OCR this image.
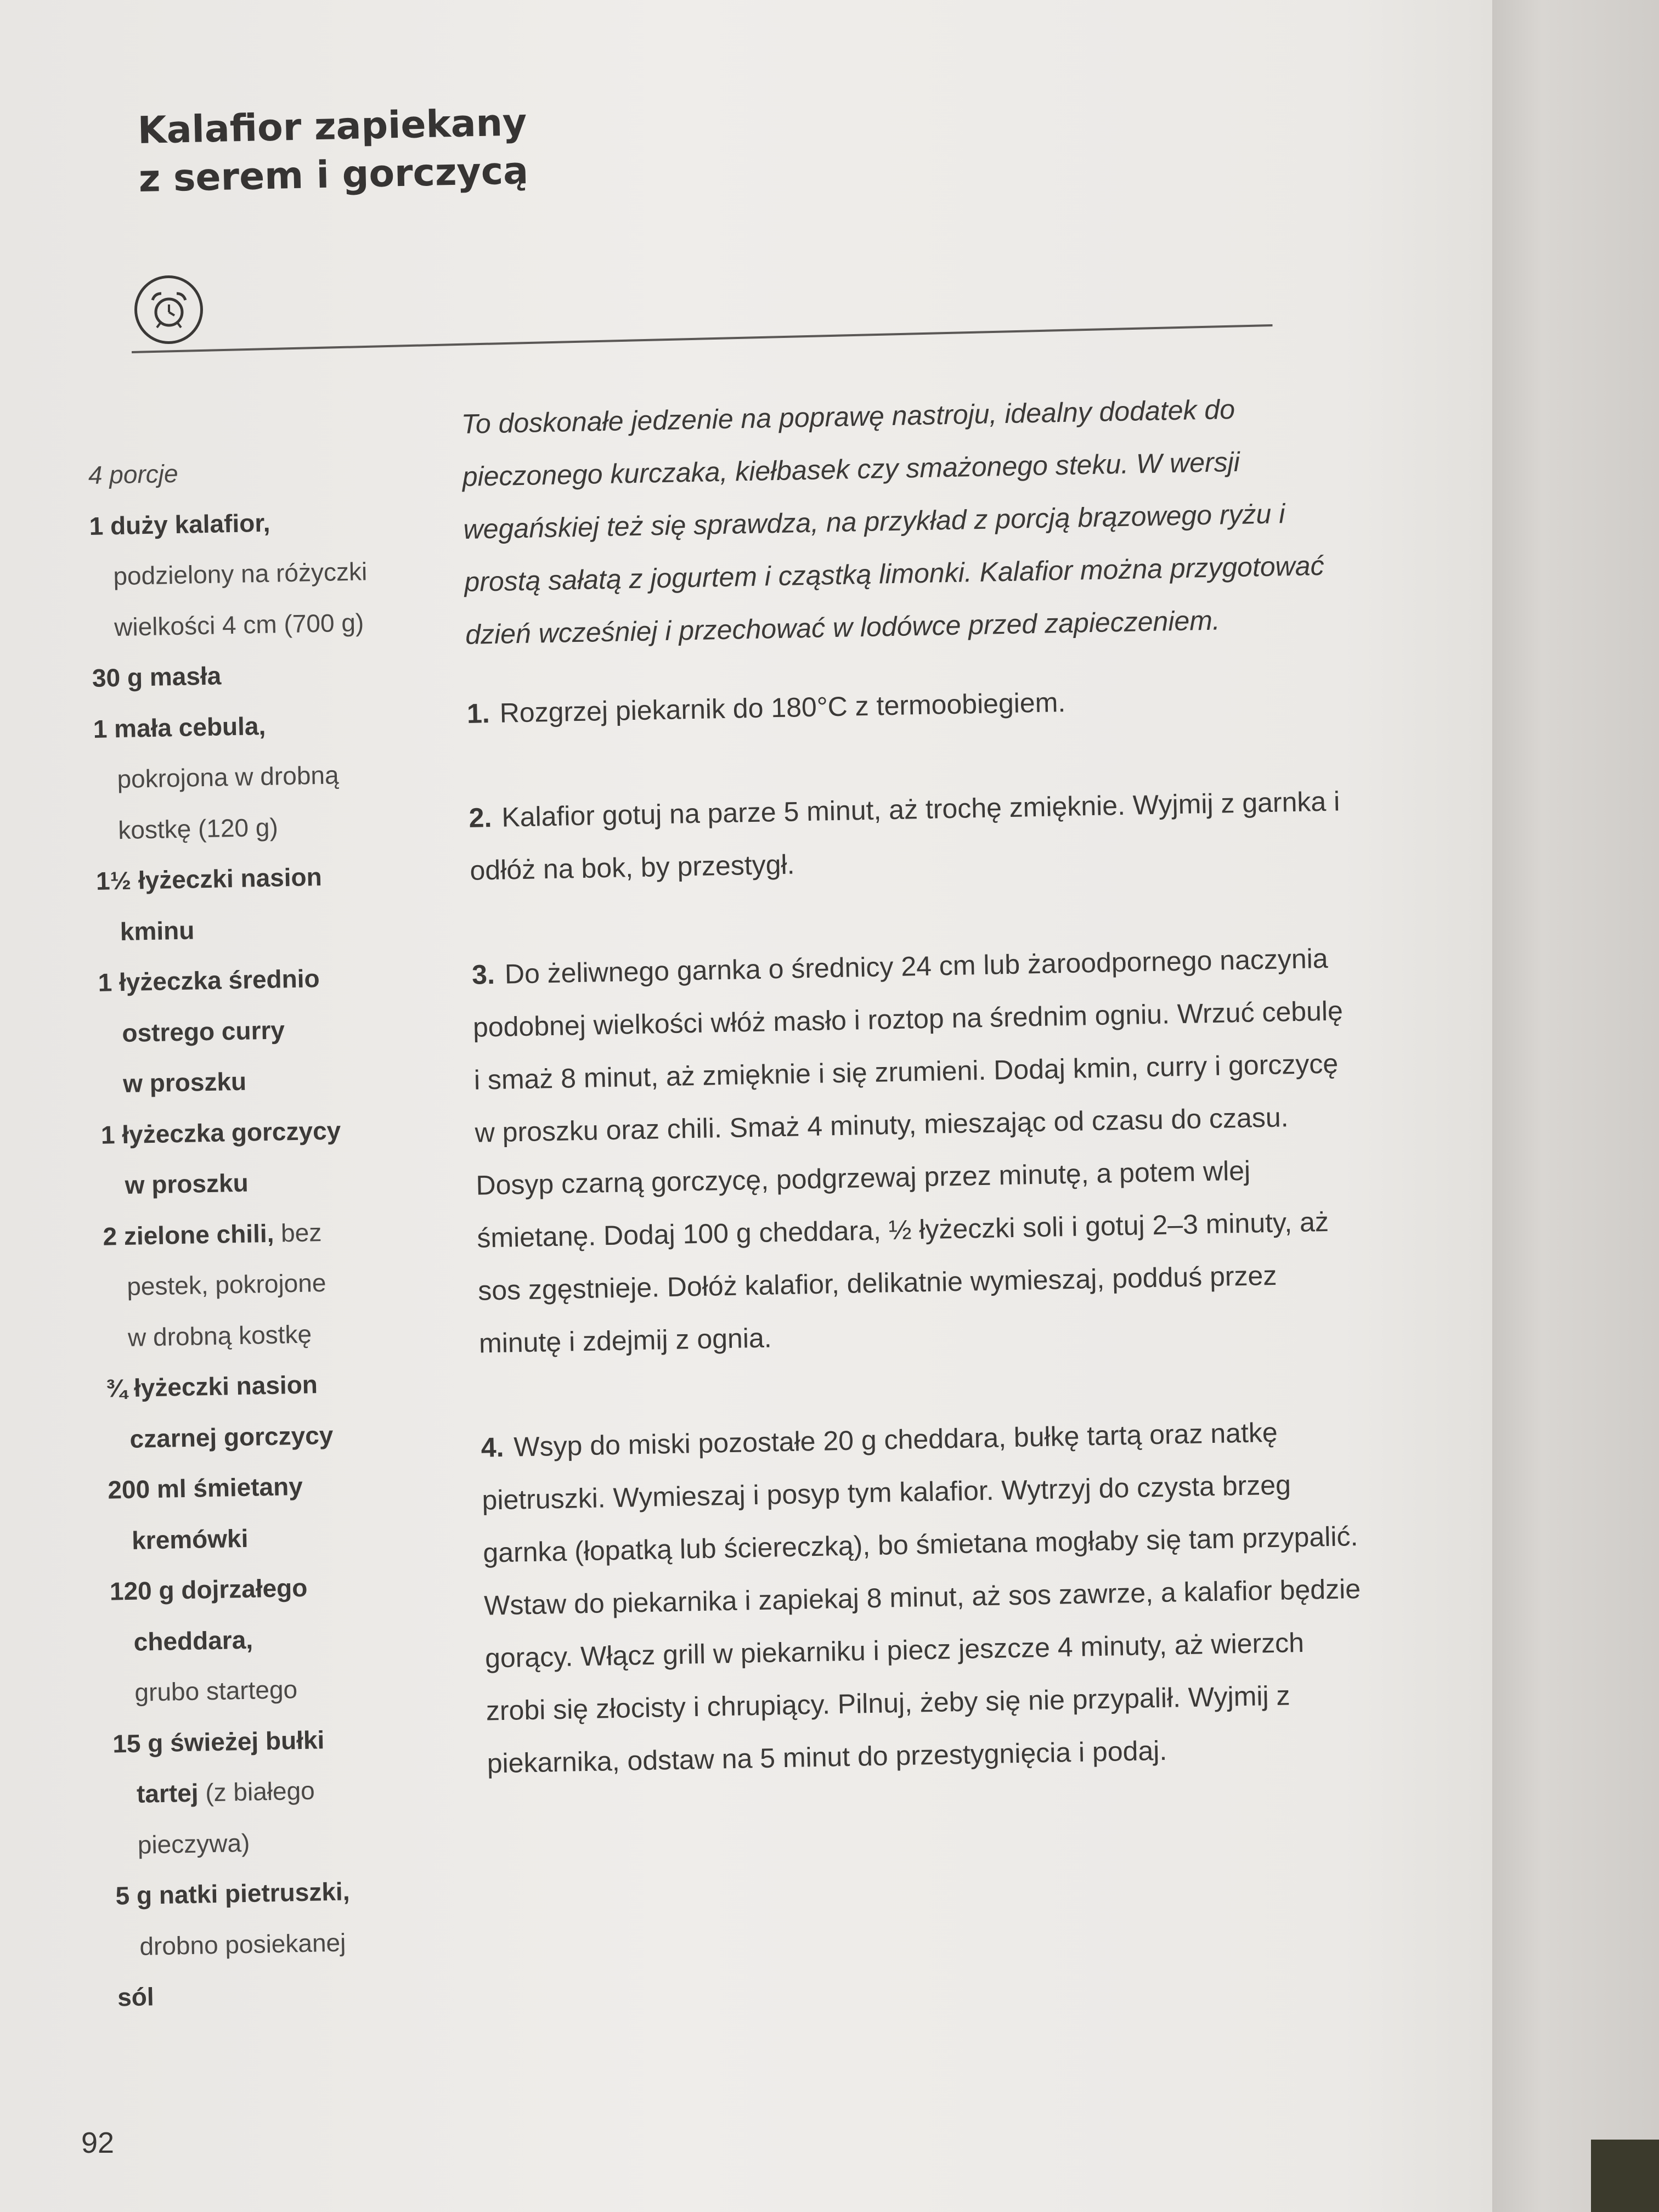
Kalafior zapiekany
z serem i gorczycą
4 porcje
1 duży kalafior,
podzielony na różyczki
wielkości 4 cm (700 g)
30 g masła
1 mała cebula,
pokrojona w drobną
kostkę (120 g)
1½ łyżeczki nasion
kminu
1 łyżeczka średnio
ostrego curry
w proszku
1 łyżeczka gorczycy
w proszku
2 zielone chili, bez
pestek, pokrojone
w drobną kostkę
¾ łyżeczki nasion
czarnej gorczycy
200 ml śmietany
kremówki
120 g dojrzałego
cheddara,
grubo startego
15 g świeżej bułki
tartej (z białego
pieczywa)
5 g natki pietruszki,
drobno posiekanej
sól

To doskonałe jedzenie na poprawę nastroju, idealny dodatek do pieczonego kurczaka, kiełbasek czy smażonego steku. W wersji wegańskiej też się sprawdza, na przykład z porcją brązowego ryżu i prostą sałatą z jogurtem i cząstką limonki. Kalafior można przygotować dzień wcześniej i przechować w lodówce przed zapieczeniem.

1. Rozgrzej piekarnik do 180°C z termoobiegiem.

2. Kalafior gotuj na parze 5 minut, aż trochę zmięknie. Wyjmij z garnka i odłóż na bok, by przestygł.

3. Do żeliwnego garnka o średnicy 24 cm lub żaroodpornego naczynia podobnej wielkości włóż masło i roztop na średnim ogniu. Wrzuć cebulę i smaż 8 minut, aż zmięknie i się zrumieni. Dodaj kmin, curry i gorczycę w proszku oraz chili. Smaż 4 minuty, mieszając od czasu do czasu. Dosyp czarną gorczycę, podgrzewaj przez minutę, a potem wlej śmietanę. Dodaj 100 g cheddara, ½ łyżeczki soli i gotuj 2–3 minuty, aż sos zgęstnieje. Dołóż kalafior, delikatnie wymieszaj, podduś przez minutę i zdejmij z ognia.

4. Wsyp do miski pozostałe 20 g cheddara, bułkę tartą oraz natkę pietruszki. Wymieszaj i posyp tym kalafior. Wytrzyj do czysta brzeg garnka (łopatką lub ściereczką), bo śmietana mogłaby się tam przypalić. Wstaw do piekarnika i zapiekaj 8 minut, aż sos zawrze, a kalafior będzie gorący. Włącz grill w piekarniku i piecz jeszcze 4 minuty, aż wierzch zrobi się złocisty i chrupiący. Pilnuj, żeby się nie przypalił. Wyjmij z piekarnika, odstaw na 5 minut do przestygnięcia i podaj.

92
